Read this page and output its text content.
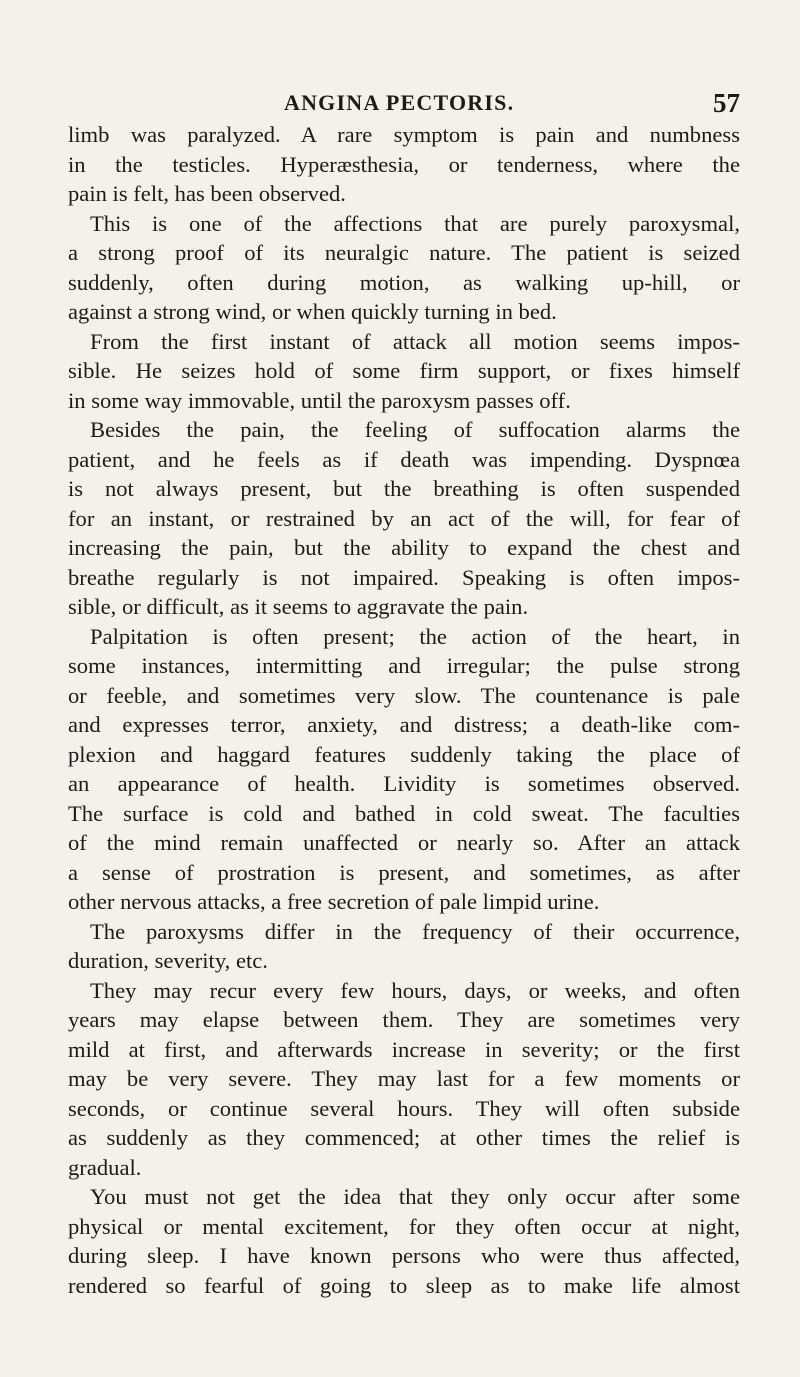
ANGINA PECTORIS.	57
limb was paralyzed. A rare symptom is pain and numbness
in the testicles. Hyperæsthesia, or tenderness, where the
pain is felt, has been observed.
This is one of the affections that are purely paroxysmal,
a strong proof of its neuralgic nature. The patient is seized
suddenly, often during motion, as walking up-hill, or
against a strong wind, or when quickly turning in bed.
From the first instant of attack all motion seems impos-
sible. He seizes hold of some firm support, or fixes himself
in some way immovable, until the paroxysm passes off.
Besides the pain, the feeling of suffocation alarms the
patient, and he feels as if death was impending. Dyspnœa
is not always present, but the breathing is often suspended
for an instant, or restrained by an act of the will, for fear of
increasing the pain, but the ability to expand the chest and
breathe regularly is not impaired. Speaking is often impos-
sible, or difficult, as it seems to aggravate the pain.
Palpitation is often present; the action of the heart, in
some instances, intermitting and irregular; the pulse strong
or feeble, and sometimes very slow. The countenance is pale
and expresses terror, anxiety, and distress; a death-like com-
plexion and haggard features suddenly taking the place of
an appearance of health. Lividity is sometimes observed.
The surface is cold and bathed in cold sweat. The faculties
of the mind remain unaffected or nearly so. After an attack
a sense of prostration is present, and sometimes, as after
other nervous attacks, a free secretion of pale limpid urine.
The paroxysms differ in the frequency of their occurrence,
duration, severity, etc.
They may recur every few hours, days, or weeks, and often
years may elapse between them. They are sometimes very
mild at first, and afterwards increase in severity; or the first
may be very severe. They may last for a few moments or
seconds, or continue several hours. They will often subside
as suddenly as they commenced; at other times the relief is
gradual.
You must not get the idea that they only occur after some
physical or mental excitement, for they often occur at night,
during sleep. I have known persons who were thus affected,
rendered so fearful of going to sleep as to make life almost
